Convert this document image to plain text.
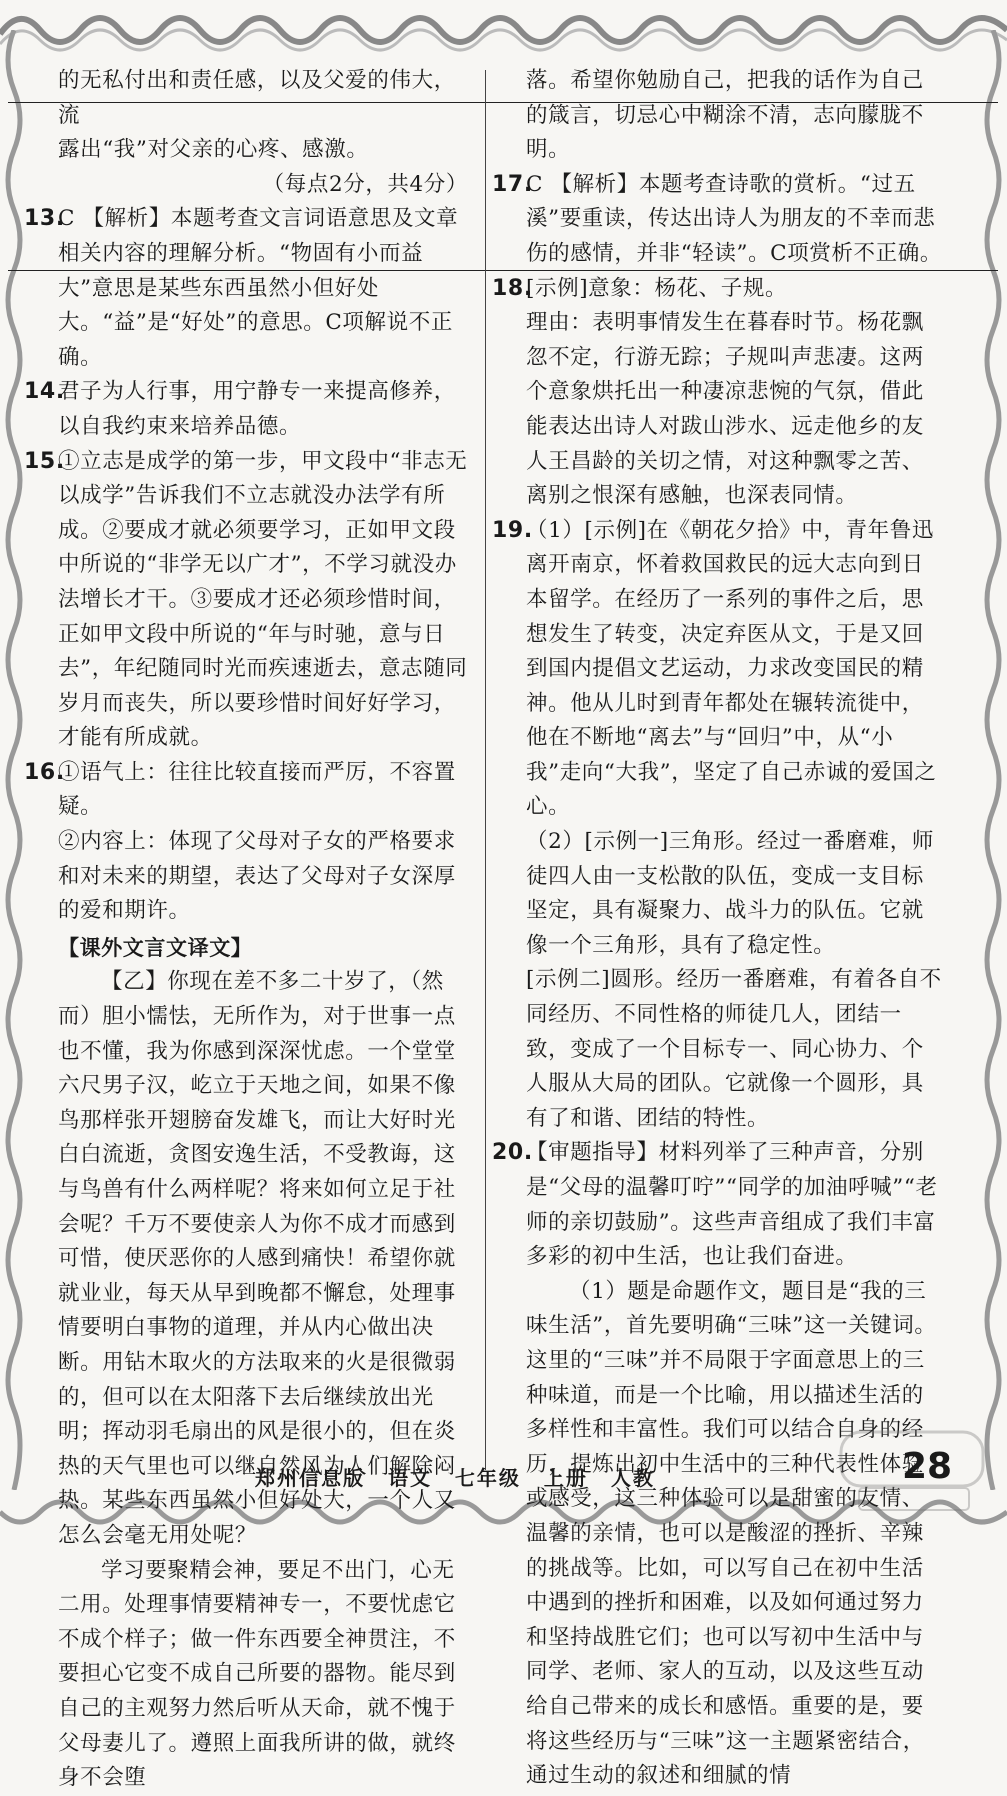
的无私付出和责任感，以及父爱的伟大，流

露出“我”对父亲的心疼、感激。

（每点2分，共4分）

13.

C 【解析】本题考查文言词语意思及文章相关内容的理解分析。“物固有小而益大”意思是某些东西虽然小但好处大。“益”是“好处”的意思。C项解说不正确。

14.

君子为人行事，用宁静专一来提高修养，以自我约束来培养品德。

15.

①立志是成学的第一步，甲文段中“非志无以成学”告诉我们不立志就没办法学有所成。②要成才就必须要学习，正如甲文段中所说的“非学无以广才”，不学习就没办法增长才干。③要成才还必须珍惜时间，正如甲文段中所说的“年与时驰，意与日去”，年纪随同时光而疾速逝去，意志随同岁月而丧失，所以要珍惜时间好好学习，才能有所成就。

16.

①语气上：往往比较直接而严厉，不容置疑。

②内容上：体现了父母对子女的严格要求和对未来的期望，表达了父母对子女深厚的爱和期许。

【课外文言文译文】

【乙】你现在差不多二十岁了，（然而）胆小懦怯，无所作为，对于世事一点也不懂，我为你感到深深忧虑。一个堂堂六尺男子汉，屹立于天地之间，如果不像鸟那样张开翅膀奋发雄飞，而让大好时光白白流逝，贪图安逸生活，不受教诲，这与鸟兽有什么两样呢？将来如何立足于社会呢？千万不要使亲人为你不成才而感到可惜，使厌恶你的人感到痛快！希望你就就业业，每天从早到晚都不懈怠，处理事情要明白事物的道理，并从内心做出决断。用钻木取火的方法取来的火是很微弱的，但可以在太阳落下去后继续放出光明；挥动羽毛扇出的风是很小的，但在炎热的天气里也可以继自然风为人们解除闷热。某些东西虽然小但好处大，一个人又怎么会毫无用处呢？

学习要聚精会神，要足不出门，心无二用。处理事情要精神专一，不要忧虑它不成个样子；做一件东西要全神贯注，不要担心它变不成自己所要的器物。能尽到自己的主观努力然后听从天命，就不愧于父母妻儿了。遵照上面我所讲的做，就终身不会堕

落。希望你勉励自己，把我的话作为自己的箴言，切忌心中糊涂不清，志向朦胧不明。

17.

C 【解析】本题考查诗歌的赏析。“过五溪”要重读，传达出诗人为朋友的不幸而悲伤的感情，并非“轻读”。C项赏析不正确。

18.

[示例]意象：杨花、子规。

理由：表明事情发生在暮春时节。杨花飘忽不定，行游无踪；子规叫声悲凄。这两个意象烘托出一种凄凉悲惋的气氛，借此能表达出诗人对跋山涉水、远走他乡的友人王昌龄的关切之情，对这种飘零之苦、离别之恨深有感触，也深表同情。

19.

（1）[示例]在《朝花夕拾》中，青年鲁迅离开南京，怀着救国救民的远大志向到日本留学。在经历了一系列的事件之后，思想发生了转变，决定弃医从文，于是又回到国内提倡文艺运动，力求改变国民的精神。他从儿时到青年都处在辗转流徙中，他在不断地“离去”与“回归”中，从“小我”走向“大我”，坚定了自己赤诚的爱国之心。

（2）[示例一]三角形。经过一番磨难，师徒四人由一支松散的队伍，变成一支目标坚定，具有凝聚力、战斗力的队伍。它就像一个三角形，具有了稳定性。

[示例二]圆形。经历一番磨难，有着各自不同经历、不同性格的师徒几人，团结一致，变成了一个目标专一、同心协力、个人服从大局的团队。它就像一个圆形，具有了和谐、团结的特性。

20.

【审题指导】材料列举了三种声音，分别是“父母的温馨叮咛”“同学的加油呼喊”“老师的亲切鼓励”。这些声音组成了我们丰富多彩的初中生活，也让我们奋进。

（1）题是命题作文，题目是“我的三味生活”，首先要明确“三味”这一关键词。这里的“三味”并不局限于字面意思上的三种味道，而是一个比喻，用以描述生活的多样性和丰富性。我们可以结合自身的经历，提炼出初中生活中的三种代表性体验或感受，这三种体验可以是甜蜜的友情、温馨的亲情，也可以是酸涩的挫折、辛辣的挑战等。比如，可以写自己在初中生活中遇到的挫折和困难，以及如何通过努力和坚持战胜它们；也可以写初中生活中与同学、老师、家人的互动，以及这些互动给自己带来的成长和感悟。重要的是，要将这些经历与“三味”这一主题紧密结合，通过生动的叙述和细腻的情

郑州信息版 语文 七年级 上册 人教	28
